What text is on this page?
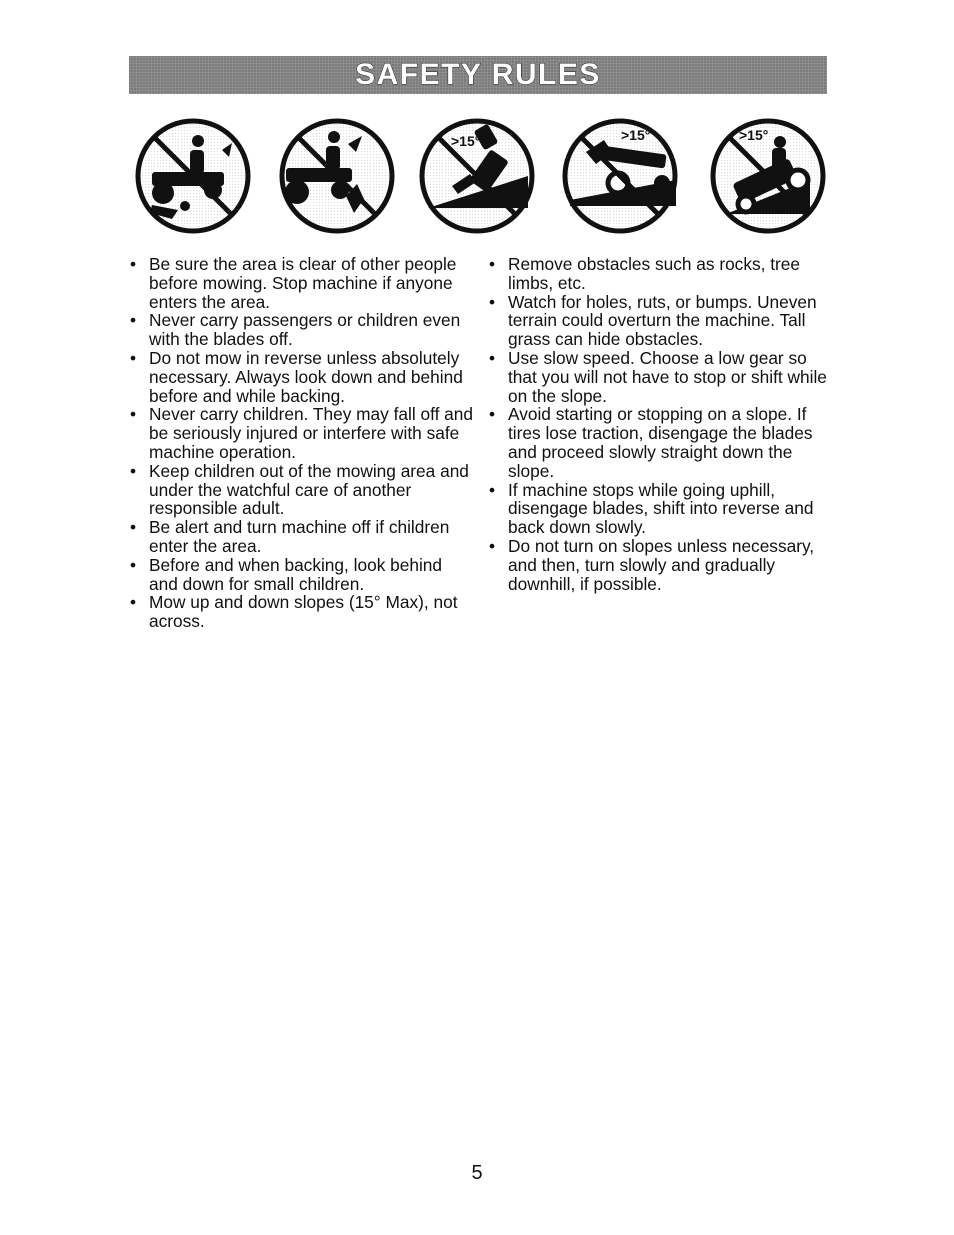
SAFETY RULES
>15°	>15°	>15°
• Be sure the area is clear of other people before mowing. Stop machine if anyone enters the area.
• Never carry passengers or children even with the blades off.
• Do not mow in reverse unless absolutely necessary. Always look down and behind before and while backing.
• Never carry children. They may fall off and be seriously injured or interfere with safe machine operation.
• Keep children out of the mowing area and under the watchful care of another responsible adult.
• Be alert and turn machine off if children enter the area.
• Before and when backing, look behind and down for small children.
• Mow up and down slopes (15° Max), not across.
• Remove obstacles such as rocks, tree limbs, etc.
• Watch for holes, ruts, or bumps. Uneven terrain could overturn the machine. Tall grass can hide obstacles.
• Use slow speed. Choose a low gear so that you will not have to stop or shift while on the slope.
• Avoid starting or stopping on a slope. If tires lose traction, disengage the blades and proceed slowly straight down the slope.
• If machine stops while going uphill, disengage blades, shift into reverse and back down slowly.
• Do not turn on slopes unless necessary, and then, turn slowly and gradually downhill, if possible.
5
